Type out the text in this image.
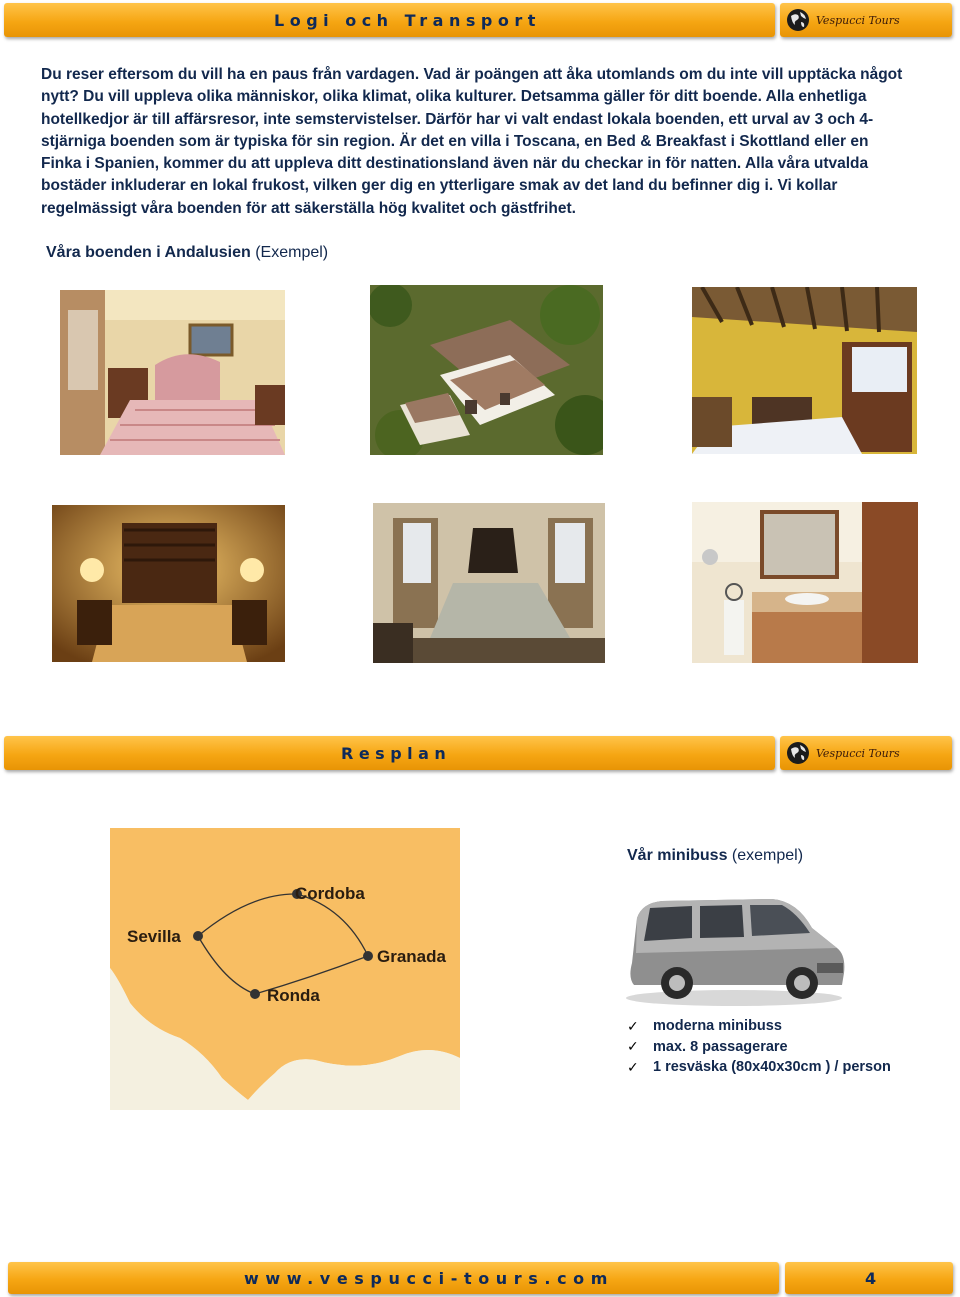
Logi och Transport	Vespucci Tours

Du reser eftersom du vill ha en paus från vardagen. Vad är poängen att åka utomlands om du inte vill upptäcka något nytt? Du vill uppleva olika människor, olika klimat, olika kulturer. Detsamma gäller för ditt boende. Alla enhetliga hotellkedjor är till affärsresor, inte semstervistelser. Därför har vi valt endast lokala boenden, ett urval av 3 och 4-stjärniga boenden som är typiska för sin region. Är det en villa i Toscana, en Bed & Breakfast i Skottland eller en Finka i Spanien, kommer du att uppleva ditt destinationsland även när du checkar in för natten. Alla våra utvalda bostäder inkluderar en lokal frukost, vilken ger dig en ytterligare smak av det land du befinner dig i. Vi kollar regelmässigt våra boenden för att säkerställa hög kvalitet och gästfrihet.

Våra boenden i Andalusien (Exempel)
Resplan	Vespucci Tours
Cordoba
Sevilla
Granada
Ronda
Vår minibuss (exempel)
✓ moderna minibuss
✓ max. 8 passagerare
✓ 1 resväska (80x40x30cm ) / person
www.vespucci-tours.com	4
